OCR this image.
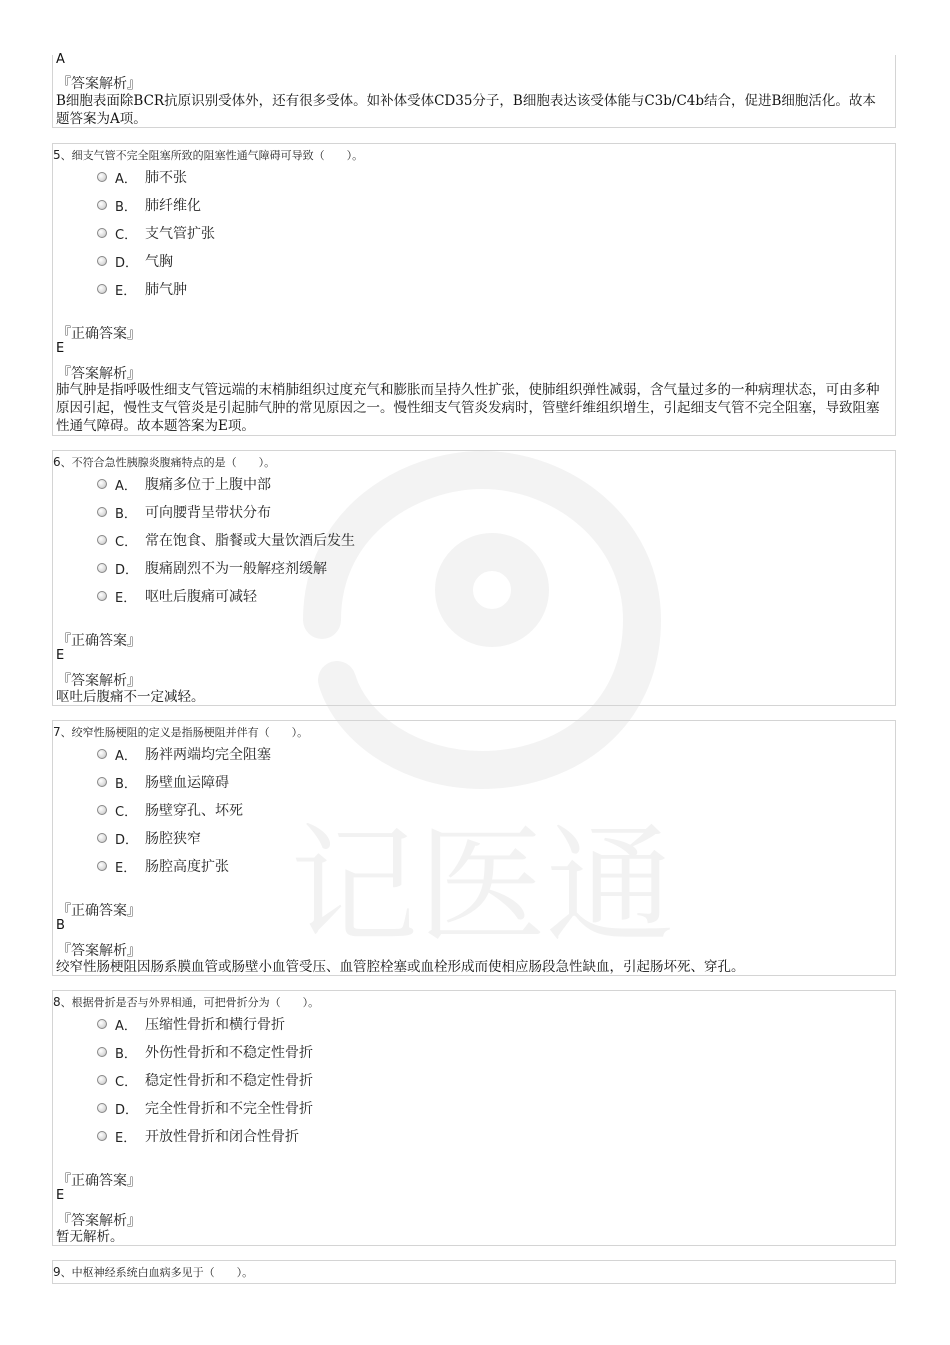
记医通
A
『答案解析』
B细胞表面除BCR抗原识别受体外，还有很多受体。如补体受体CD35分子，B细胞表达该受体能与C3b/C4b结合，促进B细胞活化。故本题答案为A项。
5、细支气管不完全阻塞所致的阻塞性通气障碍可导致（　　）。
A． 肺不张
B． 肺纤维化
C． 支气管扩张
D． 气胸
E． 肺气肿
『正确答案』
E
『答案解析』
肺气肿是指呼吸性细支气管远端的末梢肺组织过度充气和膨胀而呈持久性扩张，使肺组织弹性减弱，含气量过多的一种病理状态，可由多种原因引起，慢性支气管炎是引起肺气肿的常见原因之一。慢性细支气管炎发病时，管壁纤维组织增生，引起细支气管不完全阻塞，导致阻塞性通气障碍。故本题答案为E项。
6、不符合急性胰腺炎腹痛特点的是（　　）。
A． 腹痛多位于上腹中部
B． 可向腰背呈带状分布
C． 常在饱食、脂餐或大量饮酒后发生
D． 腹痛剧烈不为一般解痉剂缓解
E． 呕吐后腹痛可减轻
『正确答案』
E
『答案解析』
呕吐后腹痛不一定减轻。
7、绞窄性肠梗阻的定义是指肠梗阻并伴有（　　）。
A． 肠袢两端均完全阻塞
B． 肠壁血运障碍
C． 肠壁穿孔、坏死
D． 肠腔狭窄
E． 肠腔高度扩张
『正确答案』
B
『答案解析』
绞窄性肠梗阻因肠系膜血管或肠壁小血管受压、血管腔栓塞或血栓形成而使相应肠段急性缺血，引起肠坏死、穿孔。
8、根据骨折是否与外界相通，可把骨折分为（　　）。
A． 压缩性骨折和横行骨折
B． 外伤性骨折和不稳定性骨折
C． 稳定性骨折和不稳定性骨折
D． 完全性骨折和不完全性骨折
E． 开放性骨折和闭合性骨折
『正确答案』
E
『答案解析』
暂无解析。
9、中枢神经系统白血病多见于（　　）。
